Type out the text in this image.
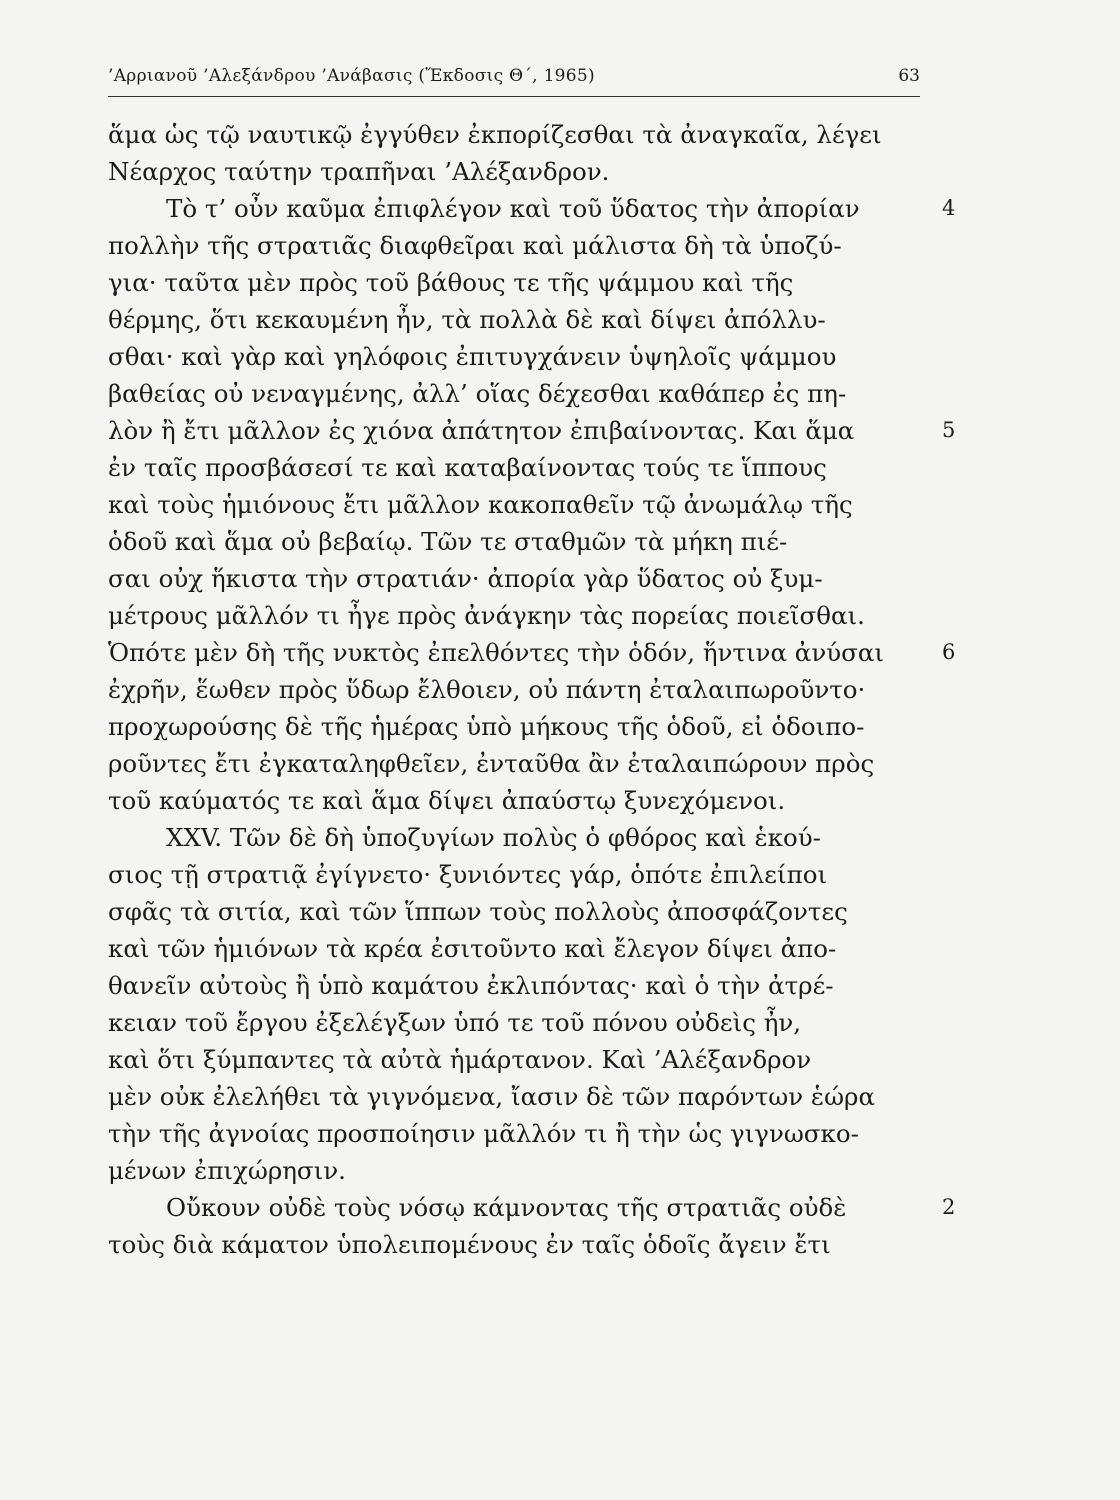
’Αρριανοῦ ’Αλεξάνδρου ’Ανάβασις (Ἔκδοσις Θ΄, 1965)	63
ἅμα ὡς τῷ ναυτικῷ ἐγγύθεν ἐκπορίζεσθαι τὰ ἀναγκαῖα, λέγει
Νέαρχος ταύτην τραπῆναι ’Αλέξανδρον.
Τὸ τ’ οὖν καῦμα ἐπιφλέγον καὶ τοῦ ὕδατος τὴν ἀπορίαν	4
πολλὴν τῆς στρατιᾶς διαφθεῖραι καὶ μάλιστα δὴ τὰ ὑποζύ-
για· ταῦτα μὲν πρὸς τοῦ βάθους τε τῆς ψάμμου καὶ τῆς
θέρμης, ὅτι κεκαυμένη ἦν, τὰ πολλὰ δὲ καὶ δίψει ἀπόλλυ-
σθαι· καὶ γὰρ καὶ γηλόφοις ἐπιτυγχάνειν ὑψηλοῖς ψάμμου
βαθείας οὐ νεναγμένης, ἀλλ’ οἵας δέχεσθαι καθάπερ ἐς πη-
λὸν ἢ ἔτι μᾶλλον ἐς χιόνα ἀπάτητον ἐπιβαίνοντας. Και ἅμα	5
ἐν ταῖς προσβάσεσί τε καὶ καταβαίνοντας τούς τε ἵππους
καὶ τοὺς ἡμιόνους ἔτι μᾶλλον κακοπαθεῖν τῷ ἀνωμάλῳ τῆς
ὁδοῦ καὶ ἅμα οὐ βεβαίῳ. Τῶν τε σταθμῶν τὰ μήκη πιέ-
σαι οὐχ ἥκιστα τὴν στρατιάν· ἀπορία γὰρ ὕδατος οὐ ξυμ-
μέτρους μᾶλλόν τι ἦγε πρὸς ἀνάγκην τὰς πορείας ποιεῖσθαι.
Ὁπότε μὲν δὴ τῆς νυκτὸς ἐπελθόντες τὴν ὁδόν, ἥντινα ἀνύσαι	6
ἐχρῆν, ἕωθεν πρὸς ὕδωρ ἔλθοιεν, οὐ πάντη ἐταλαιπωροῦντο·
προχωρούσης δὲ τῆς ἡμέρας ὑπὸ μήκους τῆς ὁδοῦ, εἰ ὁδοιπο-
ροῦντες ἔτι ἐγκαταληφθεῖεν, ἐνταῦθα ἂν ἐταλαιπώρουν πρὸς
τοῦ καύματός τε καὶ ἅμα δίψει ἀπαύστῳ ξυνεχόμενοι.
XXV. Τῶν δὲ δὴ ὑποζυγίων πολὺς ὁ φθόρος καὶ ἑκού-
σιος τῇ στρατιᾷ ἐγίγνετο· ξυνιόντες γάρ, ὁπότε ἐπιλείποι
σφᾶς τὰ σιτία, καὶ τῶν ἵππων τοὺς πολλοὺς ἀποσφάζοντες
καὶ τῶν ἡμιόνων τὰ κρέα ἐσιτοῦντο καὶ ἔλεγον δίψει ἀπο-
θανεῖν αὐτοὺς ἢ ὑπὸ καμάτου ἐκλιπόντας· καὶ ὁ τὴν ἀτρέ-
κειαν τοῦ ἔργου ἐξελέγξων ὑπό τε τοῦ πόνου οὐδεὶς ἦν,
καὶ ὅτι ξύμπαντες τὰ αὐτὰ ἡμάρτανον. Καὶ ’Αλέξανδρον
μὲν οὐκ ἐλελήθει τὰ γιγνόμενα, ἴασιν δὲ τῶν παρόντων ἑώρα
τὴν τῆς ἀγνοίας προσποίησιν μᾶλλόν τι ἢ τὴν ὡς γιγνωσκο-
μένων ἐπιχώρησιν.
Οὔκουν οὐδὲ τοὺς νόσῳ κάμνοντας τῆς στρατιᾶς οὐδὲ	2
τοὺς διὰ κάματον ὑπολειπομένους ἐν ταῖς ὁδοῖς ἄγειν ἔτι
